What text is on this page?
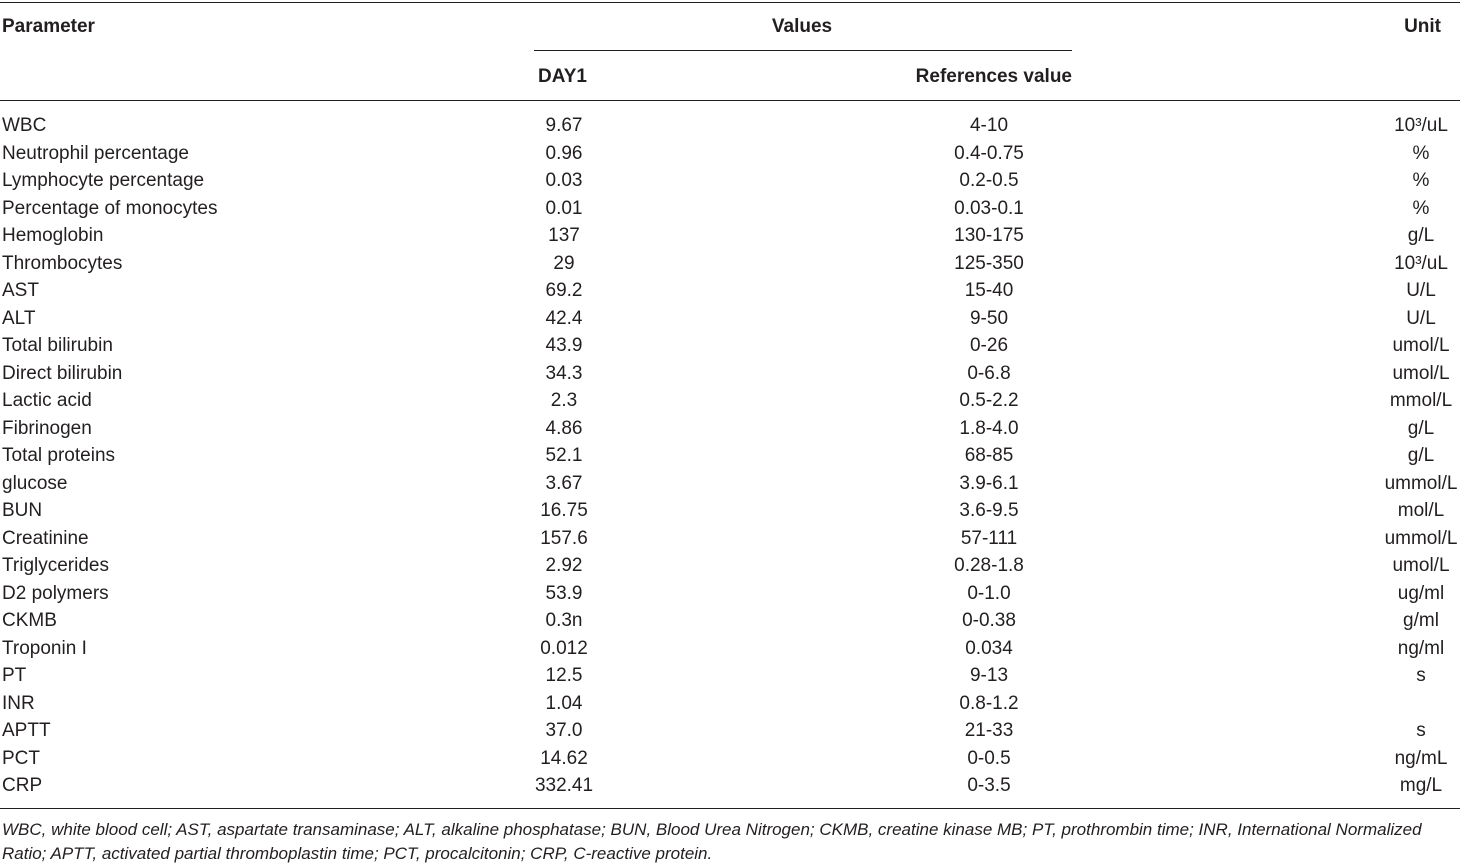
Parameter	Values	Unit
DAY1	References value
WBC	9.67	4-10	10³/uL
Neutrophil percentage	0.96	0.4-0.75	%
Lymphocyte percentage	0.03	0.2-0.5	%
Percentage of monocytes	0.01	0.03-0.1	%
Hemoglobin	137	130-175	g/L
Thrombocytes	29	125-350	10³/uL
AST	69.2	15-40	U/L
ALT	42.4	9-50	U/L
Total bilirubin	43.9	0-26	umol/L
Direct bilirubin	34.3	0-6.8	umol/L
Lactic acid	2.3	0.5-2.2	mmol/L
Fibrinogen	4.86	1.8-4.0	g/L
Total proteins	52.1	68-85	g/L
glucose	3.67	3.9-6.1	ummol/L
BUN	16.75	3.6-9.5	mol/L
Creatinine	157.6	57-111	ummol/L
Triglycerides	2.92	0.28-1.8	umol/L
D2 polymers	53.9	0-1.0	ug/ml
CKMB	0.3n	0-0.38	g/ml
Troponin I	0.012	0.034	ng/ml
PT	12.5	9-13	s
INR	1.04	0.8-1.2
APTT	37.0	21-33	s
PCT	14.62	0-0.5	ng/mL
CRP	332.41	0-3.5	mg/L
WBC, white blood cell; AST, aspartate transaminase; ALT, alkaline phosphatase; BUN, Blood Urea Nitrogen; CKMB, creatine kinase MB; PT, prothrombin time; INR, International Normalized Ratio; APTT, activated partial thromboplastin time; PCT, procalcitonin; CRP, C-reactive protein.
